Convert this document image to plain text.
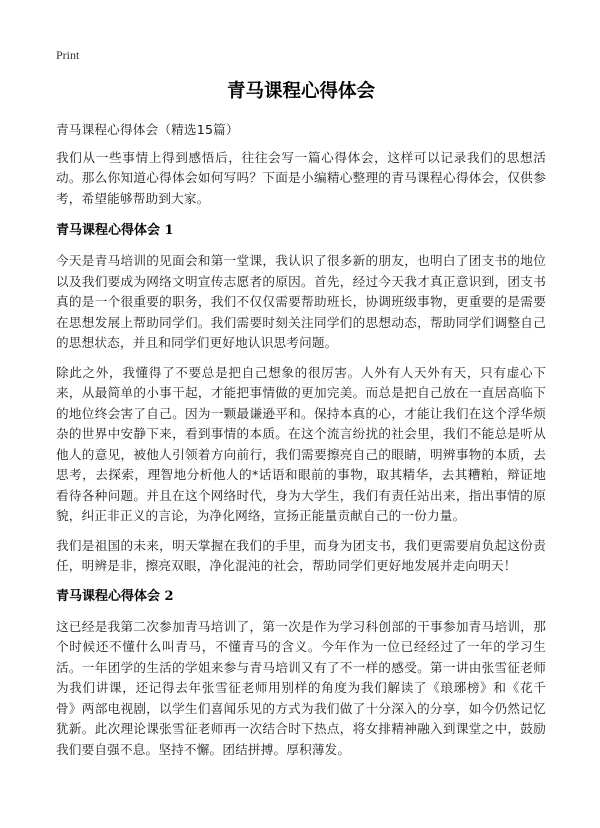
Print
青马课程心得体会

青马课程心得体会（精选15篇）

我们从一些事情上得到感悟后，往往会写一篇心得体会，这样可以记录我们的思想活动。那么你知道心得体会如何写吗？下面是小编精心整理的青马课程心得体会，仅供参考，希望能够帮助到大家。

青马课程心得体会 1

今天是青马培训的见面会和第一堂课，我认识了很多新的朋友，也明白了团支书的地位以及我们要成为网络文明宣传志愿者的原因。首先，经过今天我才真正意识到，团支书真的是一个很重要的职务，我们不仅仅需要帮助班长，协调班级事物，更重要的是需要在思想发展上帮助同学们。我们需要时刻关注同学们的思想动态，帮助同学们调整自己的思想状态，并且和同学们更好地认识思考问题。

除此之外，我懂得了不要总是把自己想象的很厉害。人外有人天外有天，只有虚心下来，从最简单的小事干起，才能把事情做的更加完美。而总是把自己放在一直居高临下的地位终会害了自己。因为一颗最谦逊平和。保持本真的心，才能让我们在这个浮华烦杂的世界中安静下来，看到事情的本质。在这个流言纷扰的社会里，我们不能总是听从他人的意见，被他人引领着方向前行，我们需要擦亮自己的眼睛，明辨事物的本质，去思考，去探索，理智地分析他人的*话语和眼前的事物，取其精华，去其糟粕，辩证地看待各种问题。并且在这个网络时代，身为大学生，我们有责任站出来，指出事情的原貌，纠正非正义的言论，为净化网络，宣扬正能量贡献自己的一份力量。

我们是祖国的未来，明天掌握在我们的手里，而身为团支书，我们更需要肩负起这份责任，明辨是非，擦亮双眼，净化混沌的社会，帮助同学们更好地发展并走向明天！

青马课程心得体会 2

这已经是我第二次参加青马培训了，第一次是作为学习科创部的干事参加青马培训，那个时候还不懂什么叫青马，不懂青马的含义。今年作为一位已经经过了一年的学习生活。一年团学的生活的学姐来参与青马培训又有了不一样的感受。第一讲由张雪征老师为我们讲课，还记得去年张雪征老师用别样的角度为我们解读了《琅琊榜》和《花千骨》两部电视剧，以学生们喜闻乐见的方式为我们做了十分深入的分享，如今仍然记忆犹新。此次理论课张雪征老师再一次结合时下热点，将女排精神融入到课堂之中，鼓励我们要自强不息。坚持不懈。团结拼搏。厚积薄发。
